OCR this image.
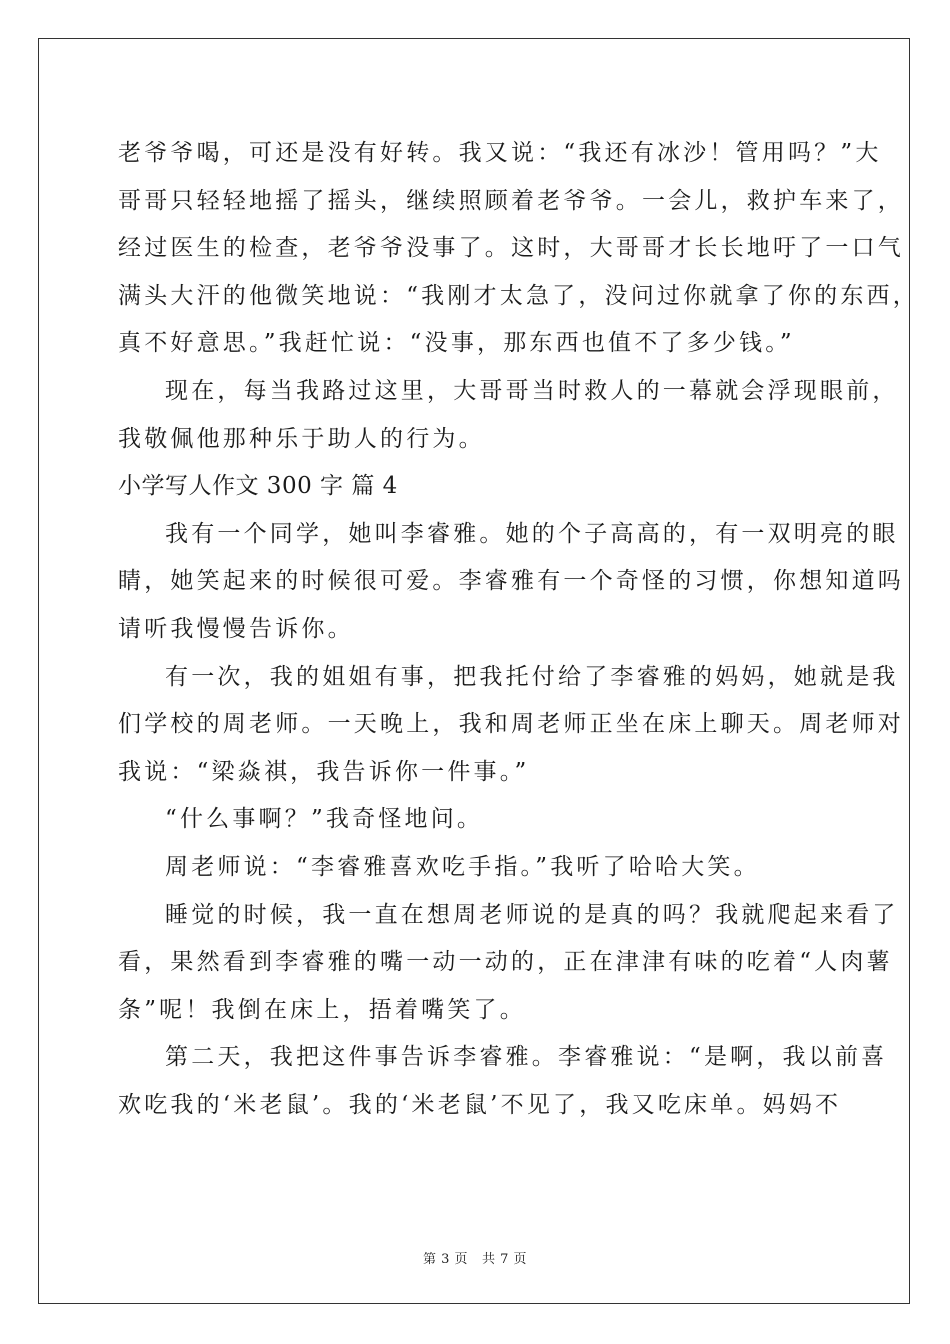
老爷爷喝，可还是没有好转。我又说：“我还有冰沙！管用吗？”大
哥哥只轻轻地摇了摇头，继续照顾着老爷爷。一会儿，救护车来了，
经过医生的检查，老爷爷没事了。这时，大哥哥才长长地吁了一口气
满头大汗的他微笑地说：“我刚才太急了，没问过你就拿了你的东西，
真不好意思。”我赶忙说：“没事，那东西也值不了多少钱。”
现在，每当我路过这里，大哥哥当时救人的一幕就会浮现眼前，
我敬佩他那种乐于助人的行为。
小学写人作文 300 字 篇 4
我有一个同学，她叫李睿雅。她的个子高高的，有一双明亮的眼
睛，她笑起来的时候很可爱。李睿雅有一个奇怪的习惯，你想知道吗
请听我慢慢告诉你。
有一次，我的姐姐有事，把我托付给了李睿雅的妈妈，她就是我
们学校的周老师。一天晚上，我和周老师正坐在床上聊天。周老师对
我说：“梁焱祺，我告诉你一件事。”
“什么事啊？”我奇怪地问。
周老师说：“李睿雅喜欢吃手指。”我听了哈哈大笑。
睡觉的时候，我一直在想周老师说的是真的吗？我就爬起来看了
看，果然看到李睿雅的嘴一动一动的，正在津津有味的吃着“人肉薯
条”呢！我倒在床上，捂着嘴笑了。
第二天，我把这件事告诉李睿雅。李睿雅说：“是啊，我以前喜
欢吃我的‘米老鼠’。我的‘米老鼠’不见了，我又吃床单。妈妈不
第 3 页 共 7 页
